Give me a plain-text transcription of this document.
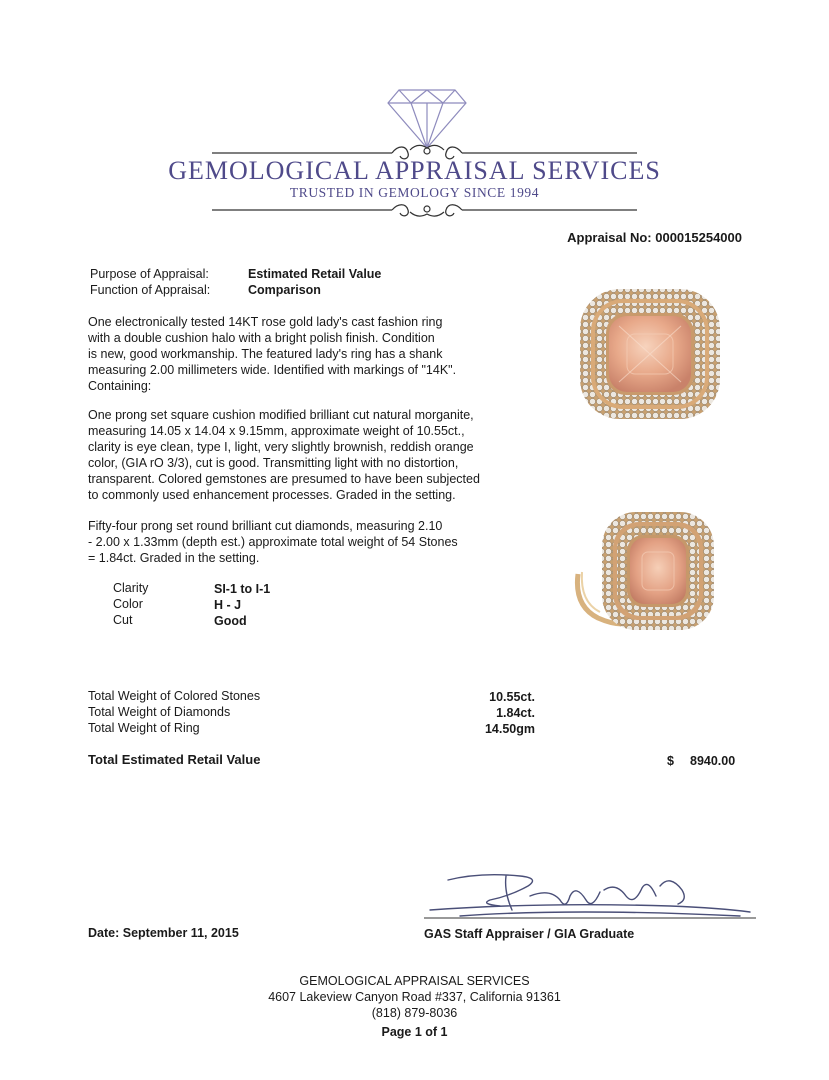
GEMOLOGICAL APPRAISAL SERVICES
TRUSTED IN GEMOLOGY SINCE 1994
Appraisal No: 000015254000
Purpose of Appraisal:	Estimated Retail Value
Function of Appraisal:	Comparison
One electronically tested 14KT rose gold lady's cast fashion ring
with a double cushion halo with a bright polish finish. Condition
is new, good workmanship. The featured lady's ring has a shank
measuring 2.00 millimeters wide. Identified with markings of "14K".
Containing:
One prong set square cushion modified brilliant cut natural morganite,
measuring 14.05 x 14.04 x 9.15mm, approximate weight of 10.55ct.,
clarity is eye clean, type I, light, very slightly brownish, reddish orange
color, (GIA rO 3/3), cut is good. Transmitting light with no distortion,
transparent. Colored gemstones are presumed to have been subjected
to commonly used enhancement processes. Graded in the setting.
Fifty-four prong set round brilliant cut diamonds, measuring 2.10
- 2.00 x 1.33mm (depth est.) approximate total weight of 54 Stones
= 1.84ct. Graded in the setting.
Clarity	SI-1 to I-1
Color	H - J
Cut	Good
Total Weight of Colored Stones	10.55ct.
Total Weight of Diamonds	1.84ct.
Total Weight of Ring	14.50gm
Total Estimated Retail Value	$ 8940.00
Date: September 11, 2015	GAS Staff Appraiser / GIA Graduate
GEMOLOGICAL APPRAISAL SERVICES
4607 Lakeview Canyon Road #337, California 91361
(818) 879-8036
Page 1 of 1
